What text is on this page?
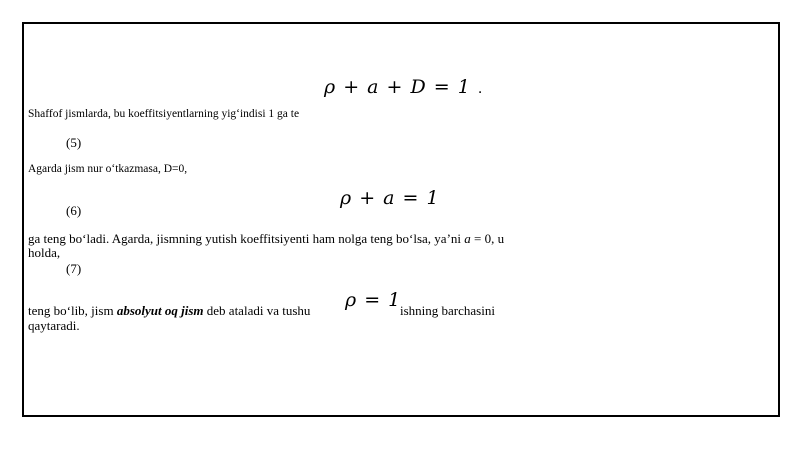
ρ + a + D = 1 .
Shaffof jismlarda, bu koeffitsiyentlarning yig‘indisi 1 ga te
(5)
Agarda jism nur o‘tkazmasa, D=0,
ρ + a = 1
(6)
ga teng bo‘ladi. Agarda, jismning yutish koeffitsiyenti ham nolga teng bo‘lsa, ya’ni a = 0, u
holda,
(7)
ρ = 1
teng bo‘lib, jism absolyut oq jism deb ataladi va tushu	ishning barchasini
qaytaradi.
